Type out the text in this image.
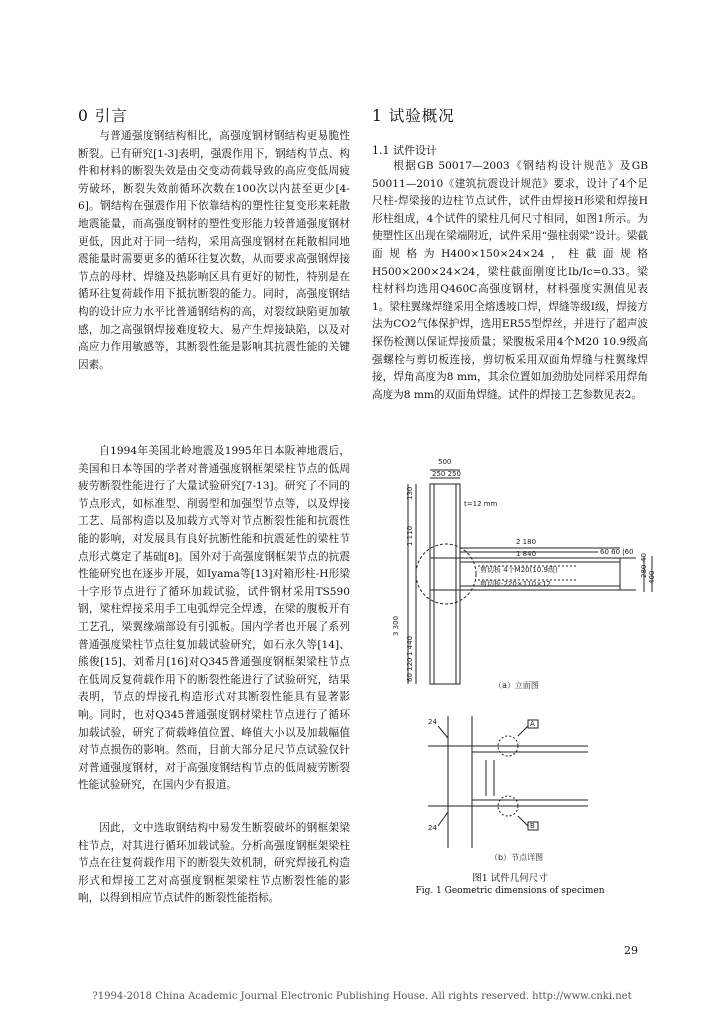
0 引言

与普通强度钢结构相比，高强度钢材钢结构更易脆性断裂。已有研究[1-3]表明，强震作用下，钢结构节点、构件和材料的断裂失效是由交变动荷载导致的高应变低周疲劳破坏，断裂失效前循环次数在100次以内甚至更少[4-6]。钢结构在强震作用下依靠结构的塑性往复变形来耗散地震能量，而高强度钢材的塑性变形能力较普通强度钢材更低，因此对于同一结构，采用高强度钢材在耗散相同地震能量时需要更多的循环往复次数，从而要求高强钢焊接节点的母材、焊缝及热影响区具有更好的韧性，特别是在循环往复荷载作用下抵抗断裂的能力。同时，高强度钢结构的设计应力水平比普通钢结构的高，对裂纹缺陷更加敏感，加之高强钢焊接难度较大、易产生焊接缺陷，以及对高应力作用敏感等，其断裂性能是影响其抗震性能的关键因素。

自1994年美国北岭地震及1995年日本阪神地震后，美国和日本等国的学者对普通强度钢框架梁柱节点的低周疲劳断裂性能进行了大量试验研究[7-13]。研究了不同的节点形式，如标准型、削弱型和加强型节点等，以及焊接工艺、局部构造以及加载方式等对节点断裂性能和抗震性能的影响，对发展具有良好抗断性能和抗震延性的梁柱节点形式奠定了基础[8]。国外对于高强度钢框架节点的抗震性能研究也在逐步开展，如Iyama等[13]对箱形柱-H形梁十字形节点进行了循环加载试验，试件钢材采用TS590钢，梁柱焊接采用手工电弧焊完全焊透，在梁的腹板开有工艺孔，梁翼缘端部设有引弧板。国内学者也开展了系列普通强度梁柱节点往复加载试验研究，如石永久等[14]、熊俊[15]、刘希月[16]对Q345普通强度钢框架梁柱节点在低周反复荷载作用下的断裂性能进行了试验研究，结果表明，节点的焊接孔构造形式对其断裂性能具有显著影响。同时，也对Q345普通强度钢材梁柱节点进行了循环加载试验，研究了荷载峰值位置、峰值大小以及加载幅值对节点损伤的影响。然而，目前大部分足尺节点试验仅针对普通强度钢材，对于高强度钢结构节点的低周疲劳断裂性能试验研究，在国内少有报道。

因此，文中选取钢结构中易发生断裂破坏的钢框架梁柱节点，对其进行循环加载试验。分析高强度钢框架梁柱节点在往复荷载作用下的断裂失效机制，研究焊接孔构造形式和焊接工艺对高强度钢框架梁柱节点断裂性能的影响，以得到相应节点试件的断裂性能指标。

1 试验概况
1.1 试件设计

根据GB 50017—2003《钢结构设计规范》及GB 50011—2010《建筑抗震设计规范》要求，设计了4个足尺柱-焊梁接的边柱节点试件，试件由焊接H形梁和焊接H形柱组成，4个试件的梁柱几何尺寸相同，如图1所示。为使塑性区出现在梁端附近，试件采用“强柱弱梁”设计。梁截面规格为H400×150×24×24，柱截面规格H500×200×24×24，梁柱截面刚度比Ib/Ic=0.33。梁柱材料均选用Q460C高强度钢材，材料强度实测值见表1。梁柱翼缘焊缝采用全熔透坡口焊，焊缝等级Ⅰ级，焊接方法为CO2气体保护焊，选用ER55型焊丝，并进行了超声波探伤检测以保证焊接质量；梁腹板采用4个M20 10.9级高强螺栓与剪切板连接，剪切板采用双面角焊缝与柱翼缘焊接，焊角高度为8 mm，其余位置如加劲肋处同样采用焊角高度为8 mm的双面角焊缝。试件的焊接工艺参数见表2。

500
250 250
t=12 mm
2 180
1 840	60 60 |60
剪切板 4个M20(10.9级)
剪切板-220×110×12
3 300
1 110
130
1 440
60 120
400
280
40
（a）立面图
24
24
A
B
（b）节点详图
图1 试件几何尺寸
Fig. 1 Geometric dimensions of specimen
29
?1994-2018 China Academic Journal Electronic Publishing House. All rights reserved. http://www.cnki.net
